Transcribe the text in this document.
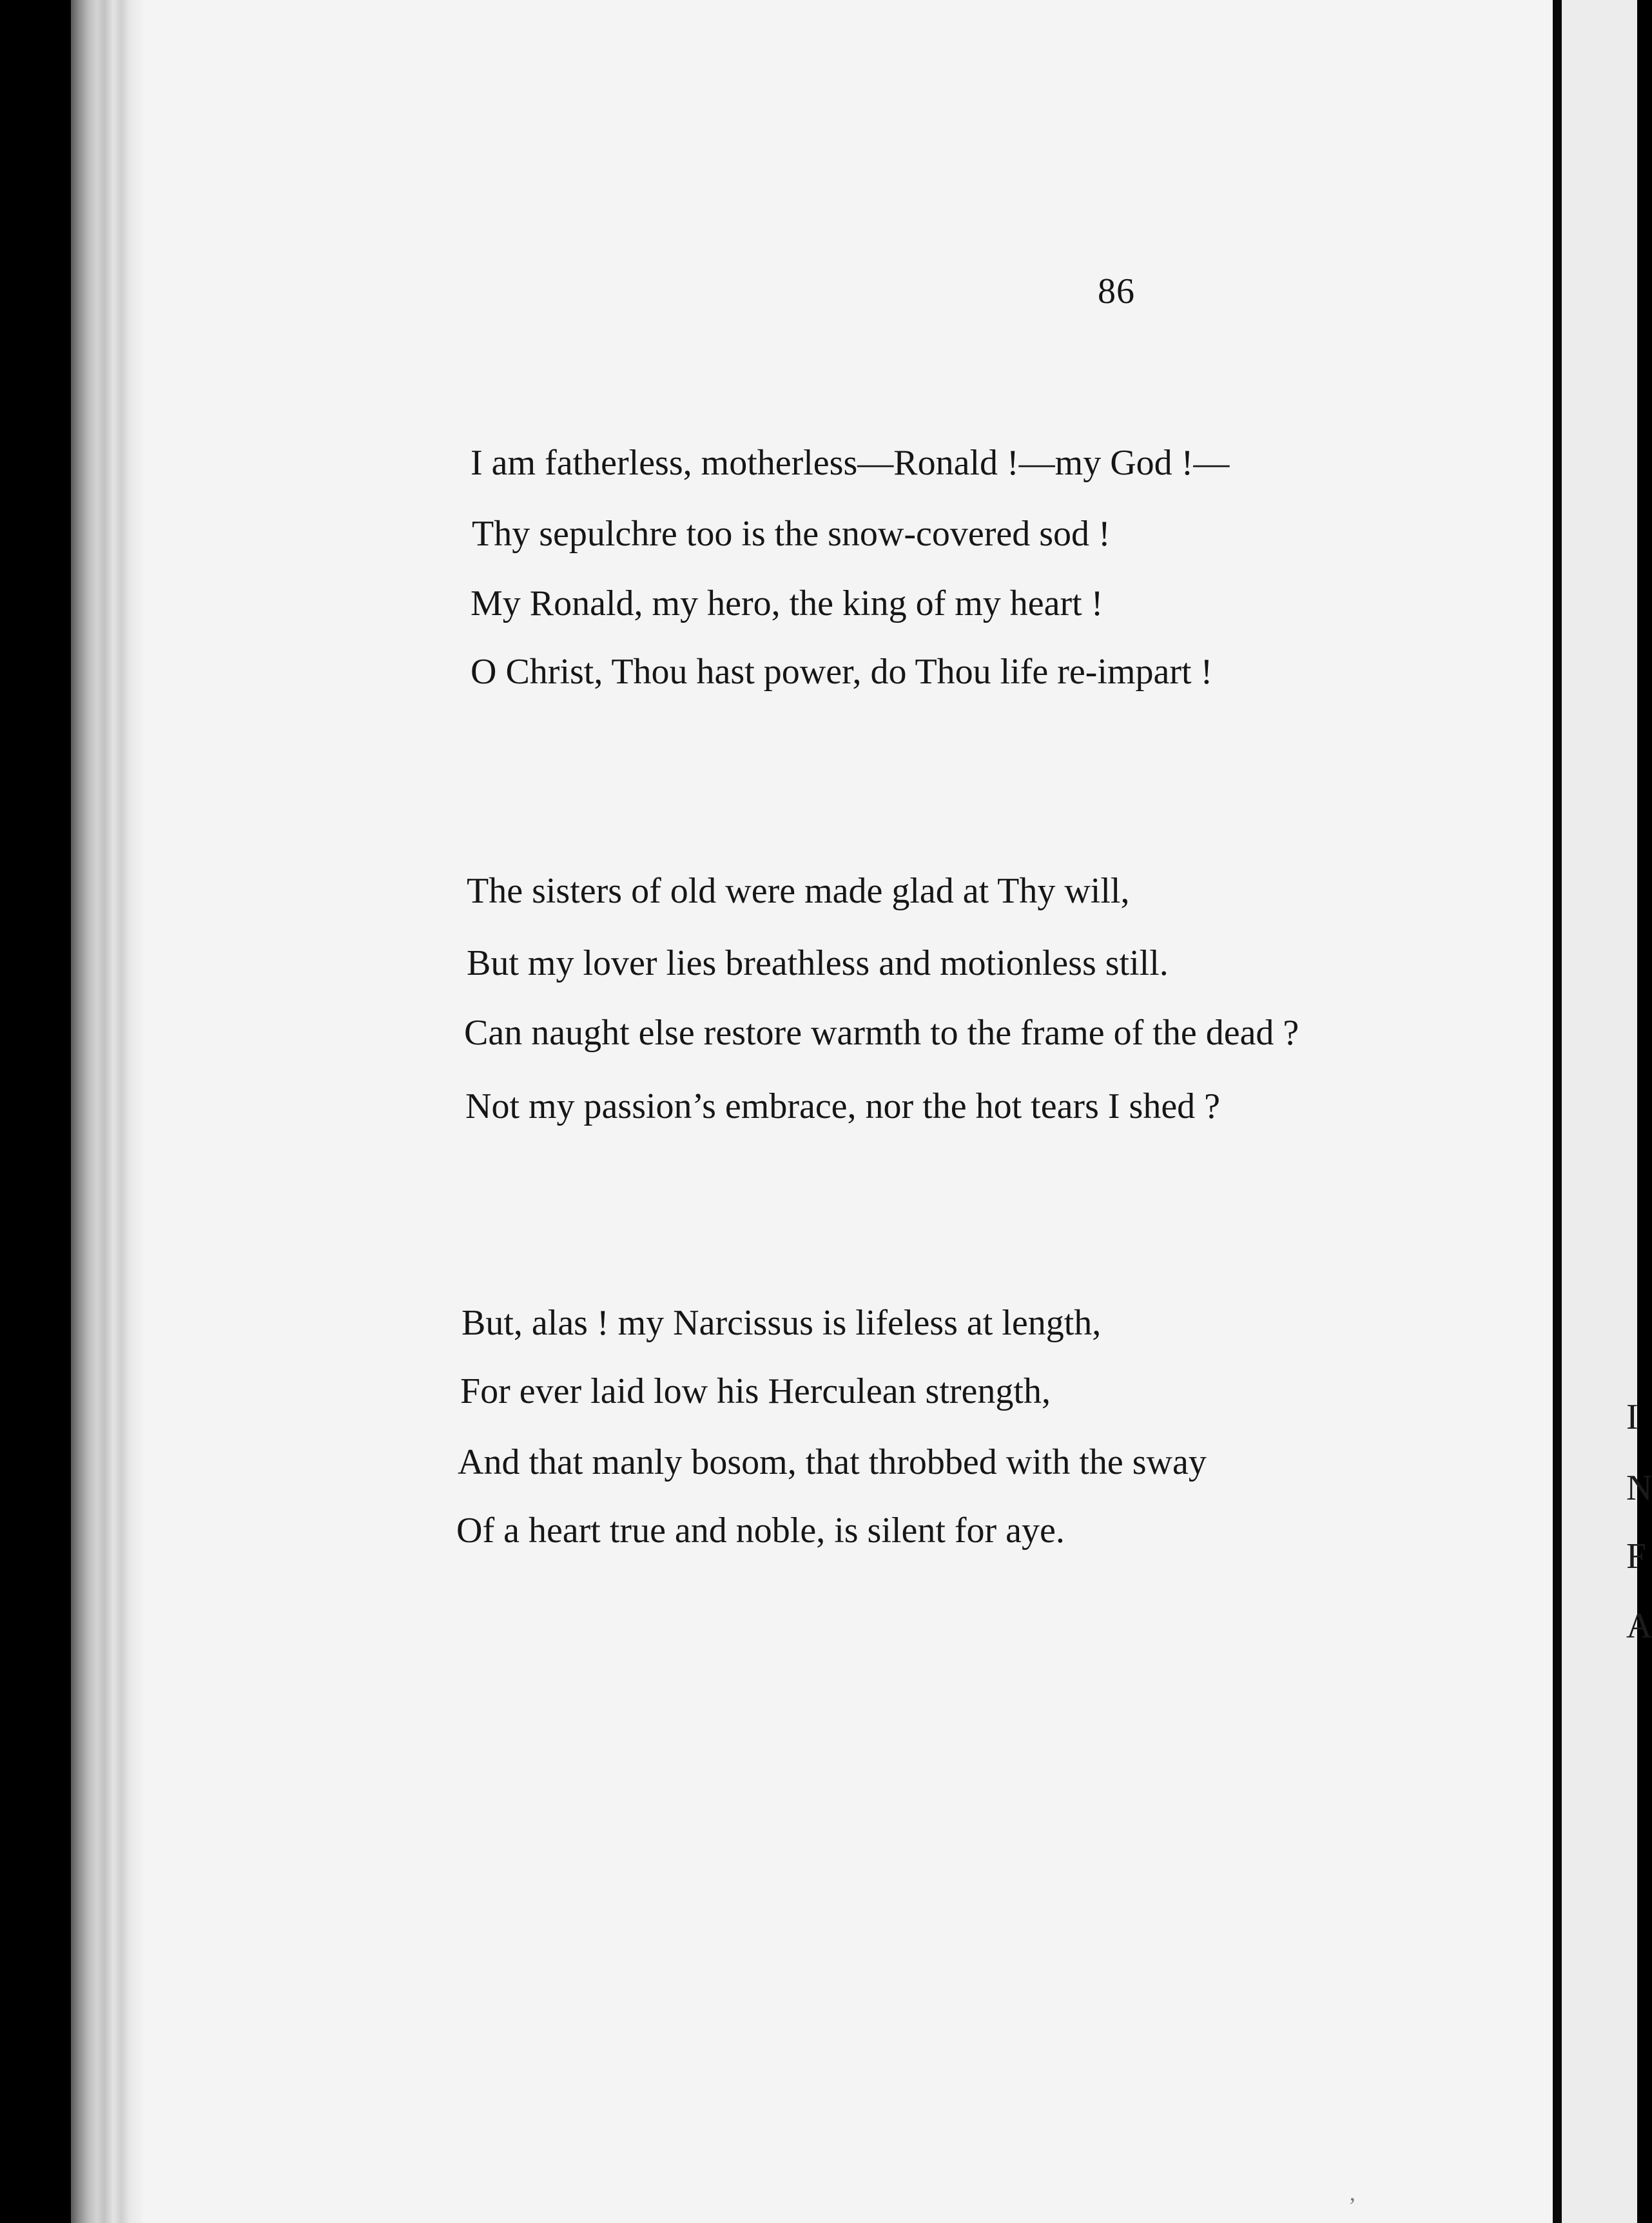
86
I am fatherless, motherless—Ronald !—my God !—
Thy sepulchre too is the snow-covered sod !
My Ronald, my hero, the king of my heart !
O Christ, Thou hast power, do Thou life re-impart !
The sisters of old were made glad at Thy will,
But my lover lies breathless and motionless still.
Can naught else restore warmth to the frame of the dead ?
Not my passion’s embrace, nor the hot tears I shed ?
But, alas ! my Narcissus is lifeless at length,
For ever laid low his Herculean strength,
And that manly bosom, that throbbed with the sway
Of a heart true and noble, is silent for aye.
’
I
N
F
A
